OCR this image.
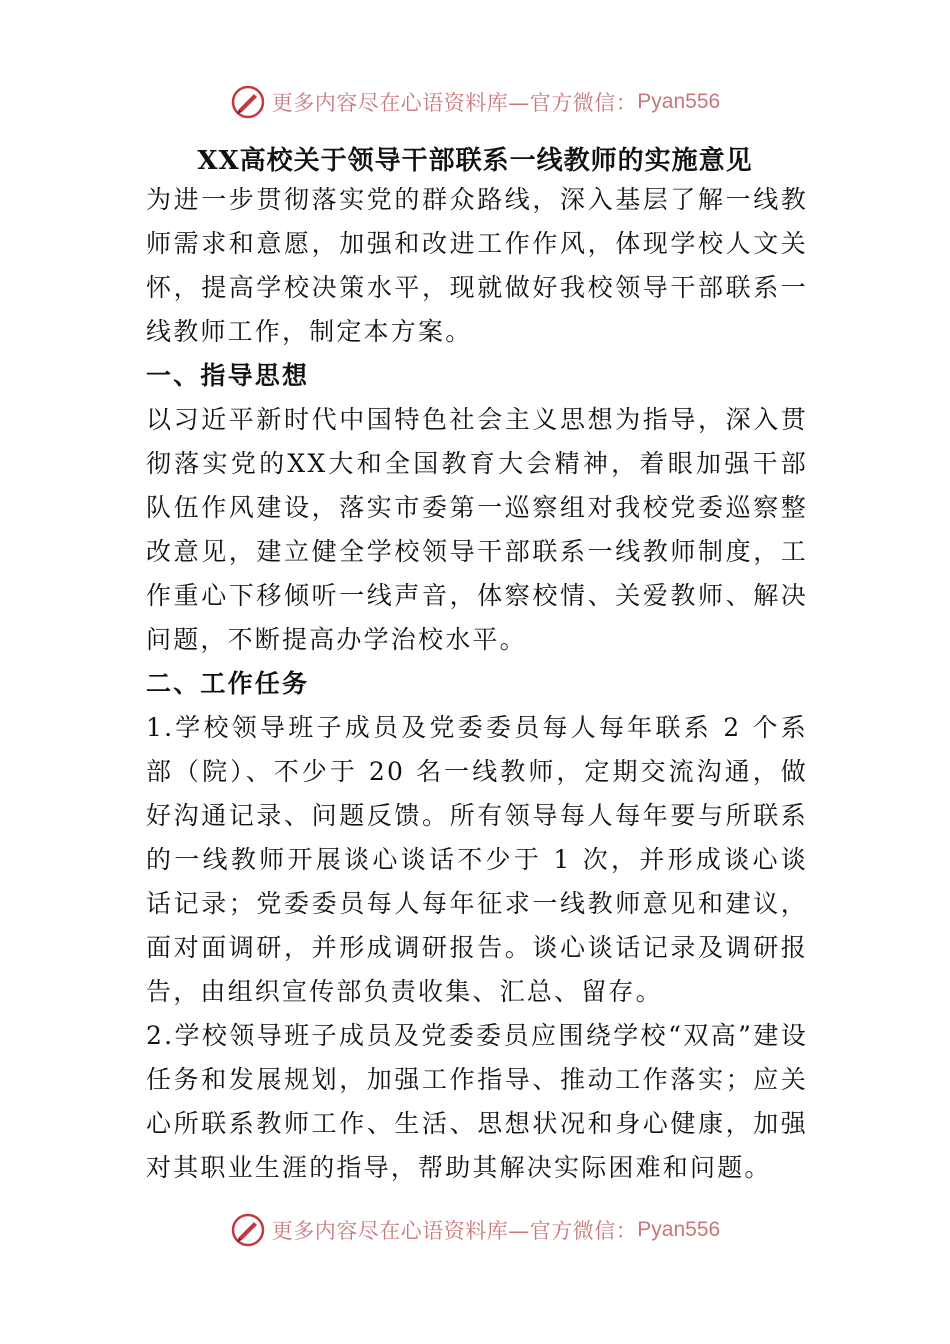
更多内容尽在心语资料库—官方微信： Pyan556
XX高校关于领导干部联系一线教师的实施意见

为进一步贯彻落实党的群众路线，深入基层了解一线教师需求和意愿，加强和改进工作作风，体现学校人文关怀，提高学校决策水平，现就做好我校领导干部联系一线教师工作，制定本方案。

一、指导思想

以习近平新时代中国特色社会主义思想为指导，深入贯彻落实党的XX大和全国教育大会精神，着眼加强干部队伍作风建设，落实市委第一巡察组对我校党委巡察整改意见，建立健全学校领导干部联系一线教师制度，工作重心下移倾听一线声音，体察校情、关爱教师、解决问题，不断提高办学治校水平。

二、工作任务

1.学校领导班子成员及党委委员每人每年联系 2 个系部（院）、不少于 20 名一线教师，定期交流沟通，做好沟通记录、问题反馈。所有领导每人每年要与所联系的一线教师开展谈心谈话不少于 1 次，并形成谈心谈话记录；党委委员每人每年征求一线教师意见和建议，面对面调研，并形成调研报告。谈心谈话记录及调研报告，由组织宣传部负责收集、汇总、留存。

2.学校领导班子成员及党委委员应围绕学校“双高”建设任务和发展规划，加强工作指导、推动工作落实；应关心所联系教师工作、生活、思想状况和身心健康，加强对其职业生涯的指导，帮助其解决实际困难和问题。

更多内容尽在心语资料库—官方微信： Pyan556
